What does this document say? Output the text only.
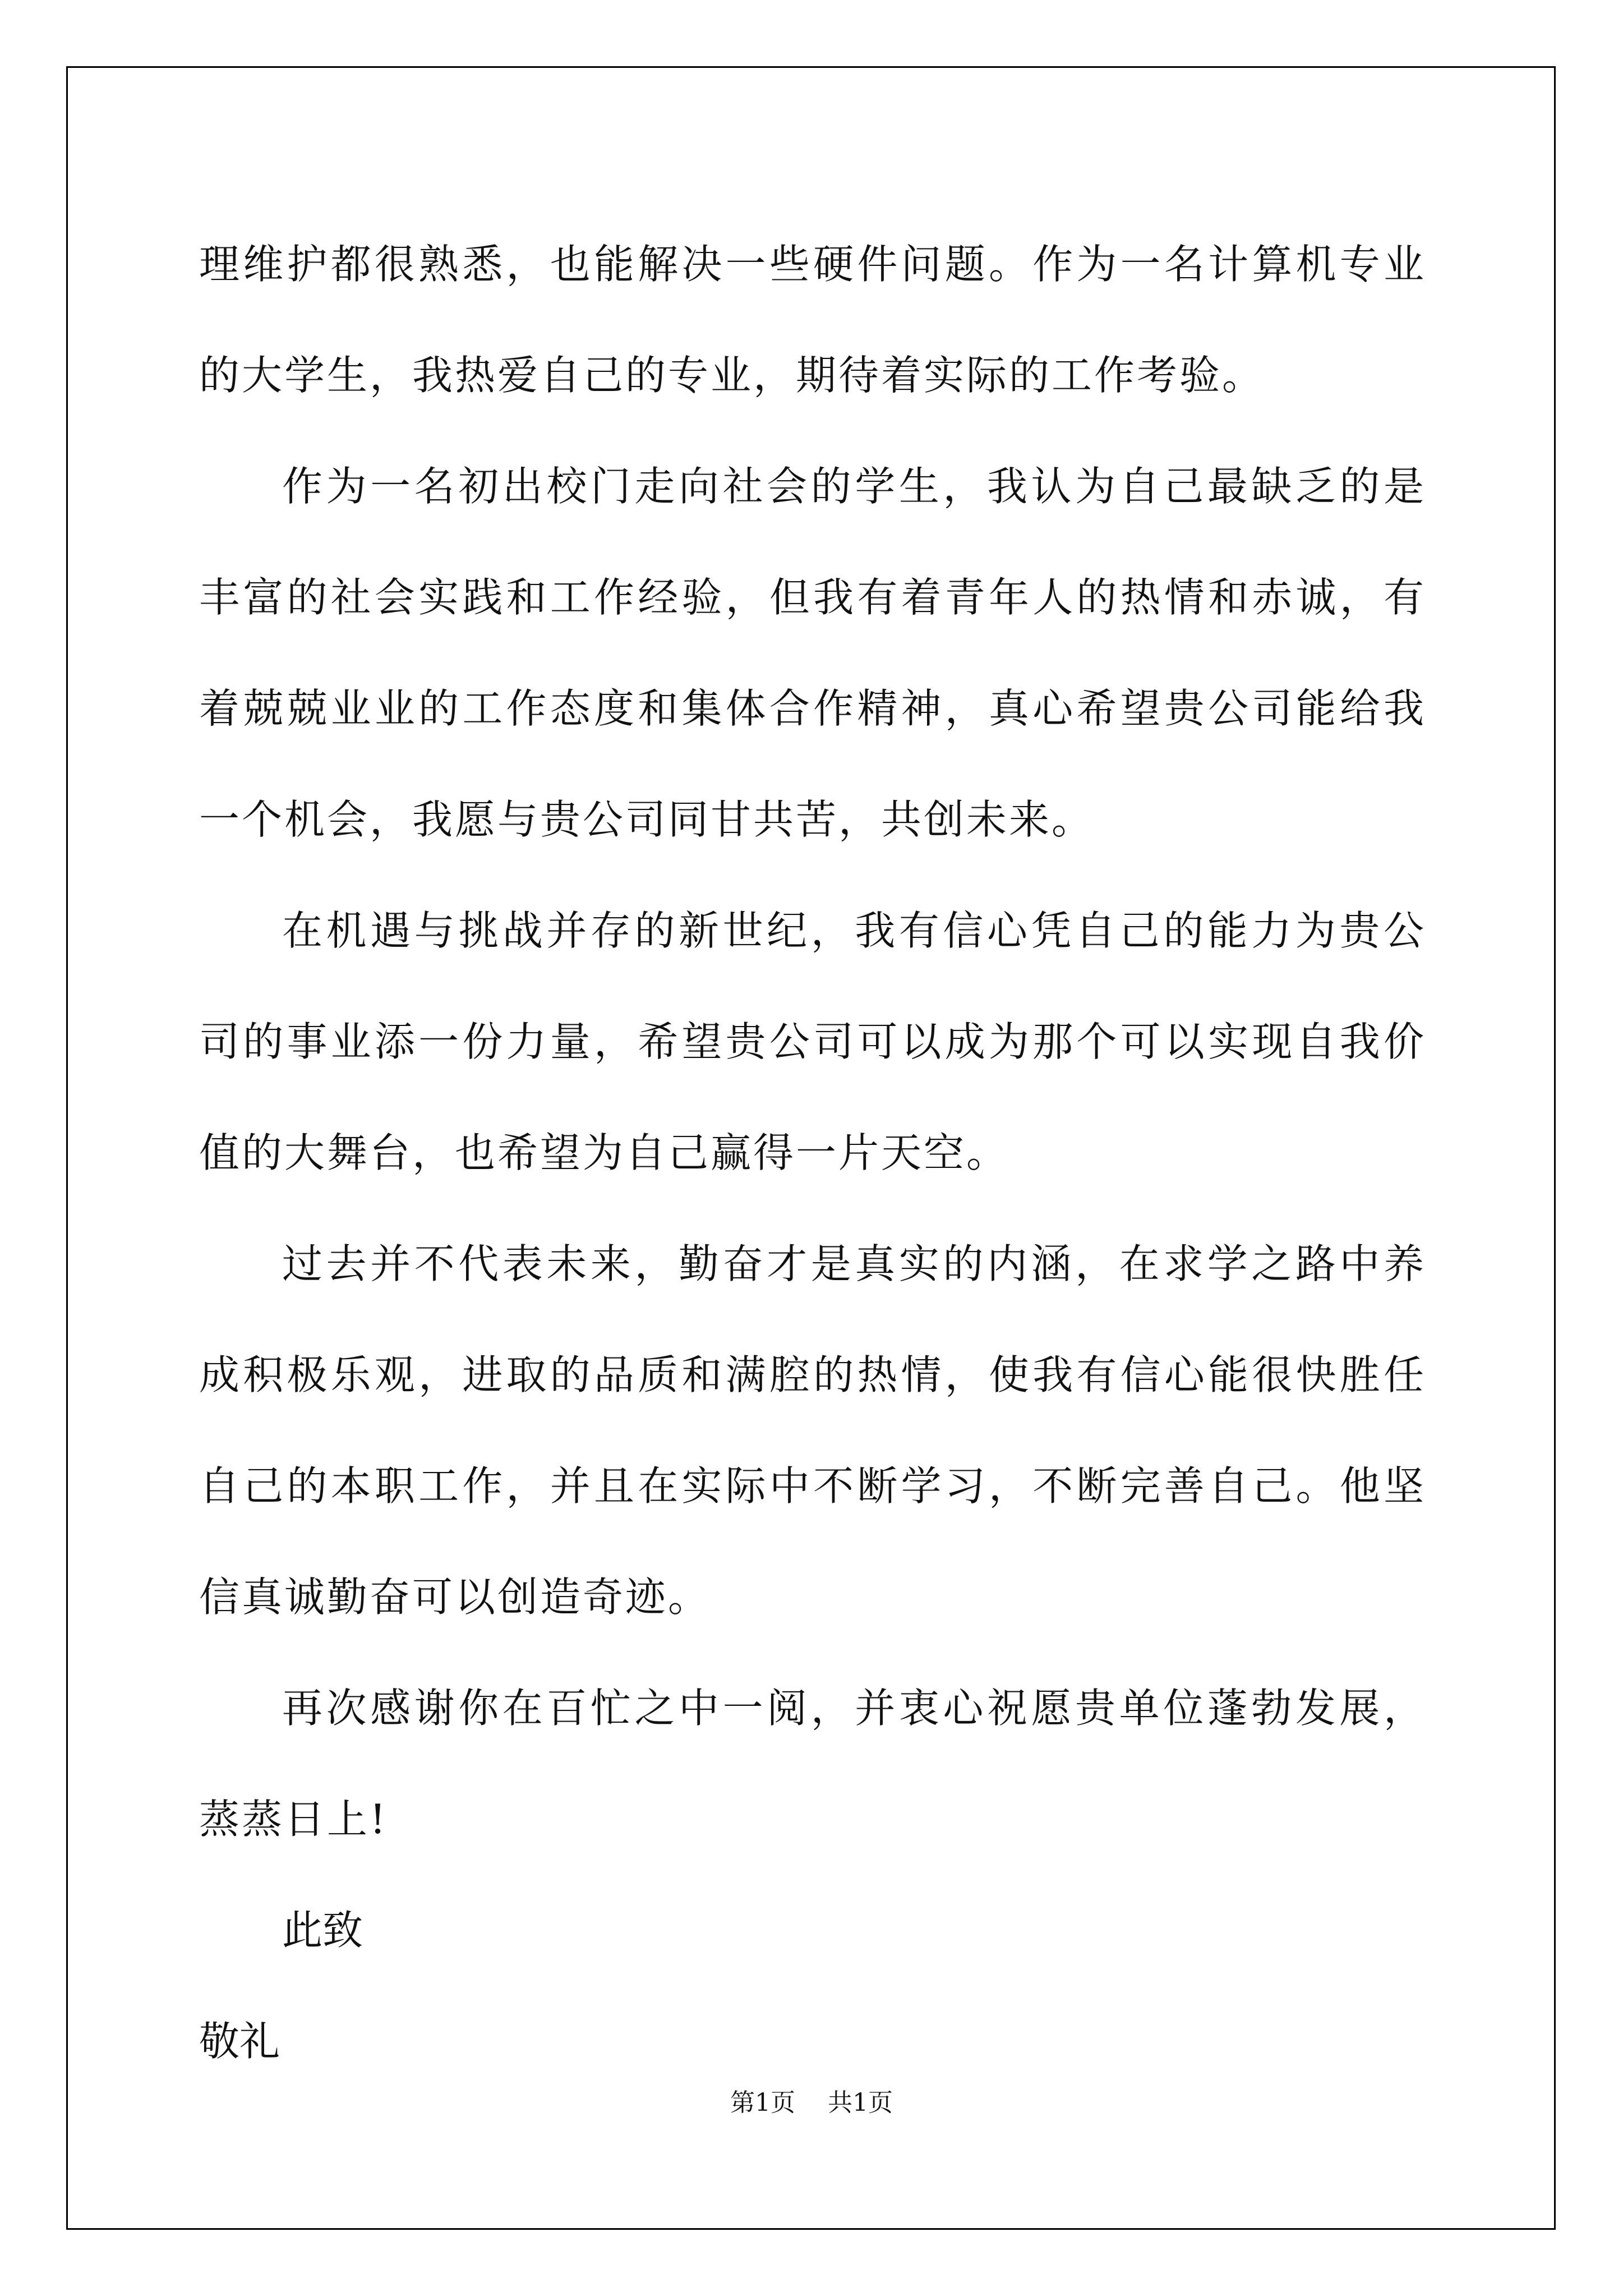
理维护都很熟悉，也能解决一些硬件问题。作为一名计算机专业的大学生，我热爱自己的专业，期待着实际的工作考验。

作为一名初出校门走向社会的学生，我认为自己最缺乏的是丰富的社会实践和工作经验，但我有着青年人的热情和赤诚，有着兢兢业业的工作态度和集体合作精神，真心希望贵公司能给我一个机会，我愿与贵公司同甘共苦，共创未来。

在机遇与挑战并存的新世纪，我有信心凭自己的能力为贵公司的事业添一份力量，希望贵公司可以成为那个可以实现自我价值的大舞台，也希望为自己赢得一片天空。

过去并不代表未来，勤奋才是真实的内涵，在求学之路中养成积极乐观，进取的品质和满腔的热情，使我有信心能很快胜任自己的本职工作，并且在实际中不断学习，不断完善自己。他坚信真诚勤奋可以创造奇迹。

再次感谢你在百忙之中一阅，并衷心祝愿贵单位蓬勃发展，蒸蒸日上!

此致

敬礼

第1页 共1页
